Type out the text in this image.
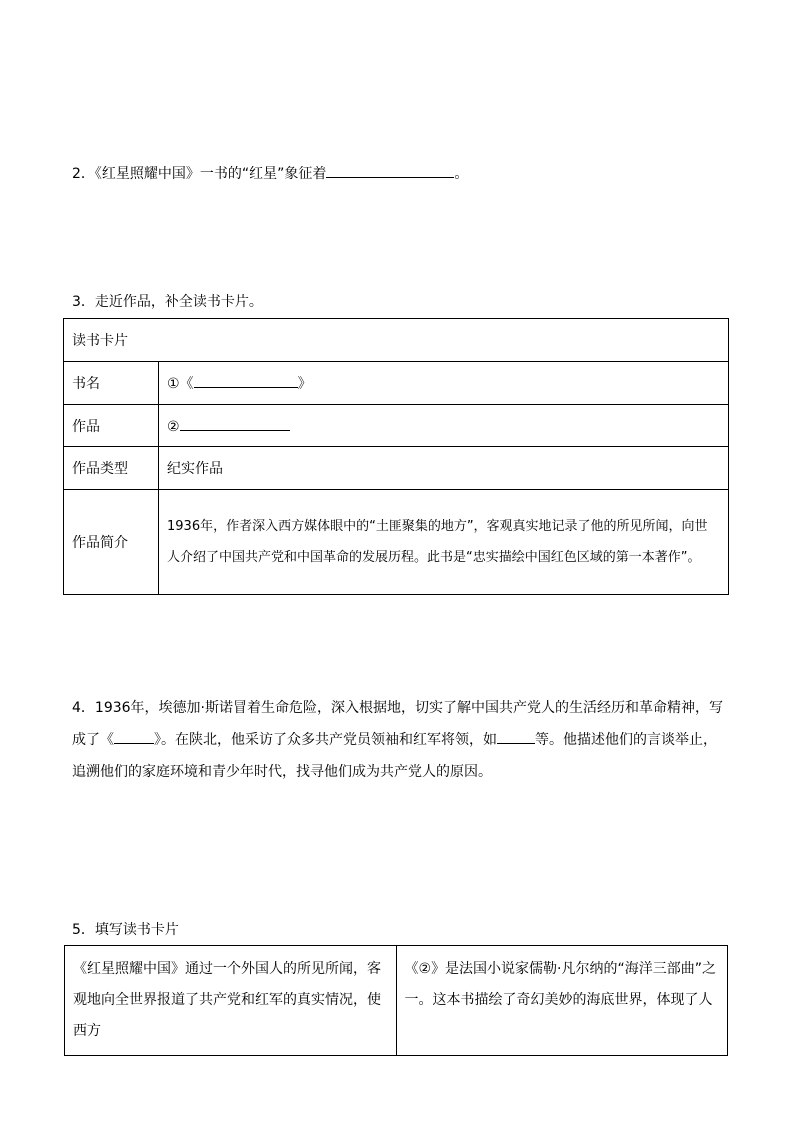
2．《红星照耀中国》一书的“红星”象征着	。
3．走近作品，补全读书卡片。
读书卡片	
书名	①《 》
作品	②
作品类型	纪实作品
作品简介	1936年，作者深入西方媒体眼中的“土匪聚集的地方”，客观真实地记录了他的所见所闻，向世人介绍了中国共产党和中国革命的发展历程。此书是“忠实描绘中国红色区域的第一本著作”。
4．1936年，埃德加·斯诺冒着生命危险，深入根据地，切实了解中国共产党人的生活经历和革命精神，写成了《	》。在陕北，他采访了众多共产党员领袖和红军将领，如	等。他描述他们的言谈举止，追溯他们的家庭环境和青少年时代，找寻他们成为共产党人的原因。
5．填写读书卡片
《红星照耀中国》通过一个外国人的所见所闻，客观地向全世界报道了共产党和红军的真实情况，使西方	《②》是法国小说家儒勒·凡尔纳的“海洋三部曲”之一。这本书描绘了奇幻美妙的海底世界，体现了人
